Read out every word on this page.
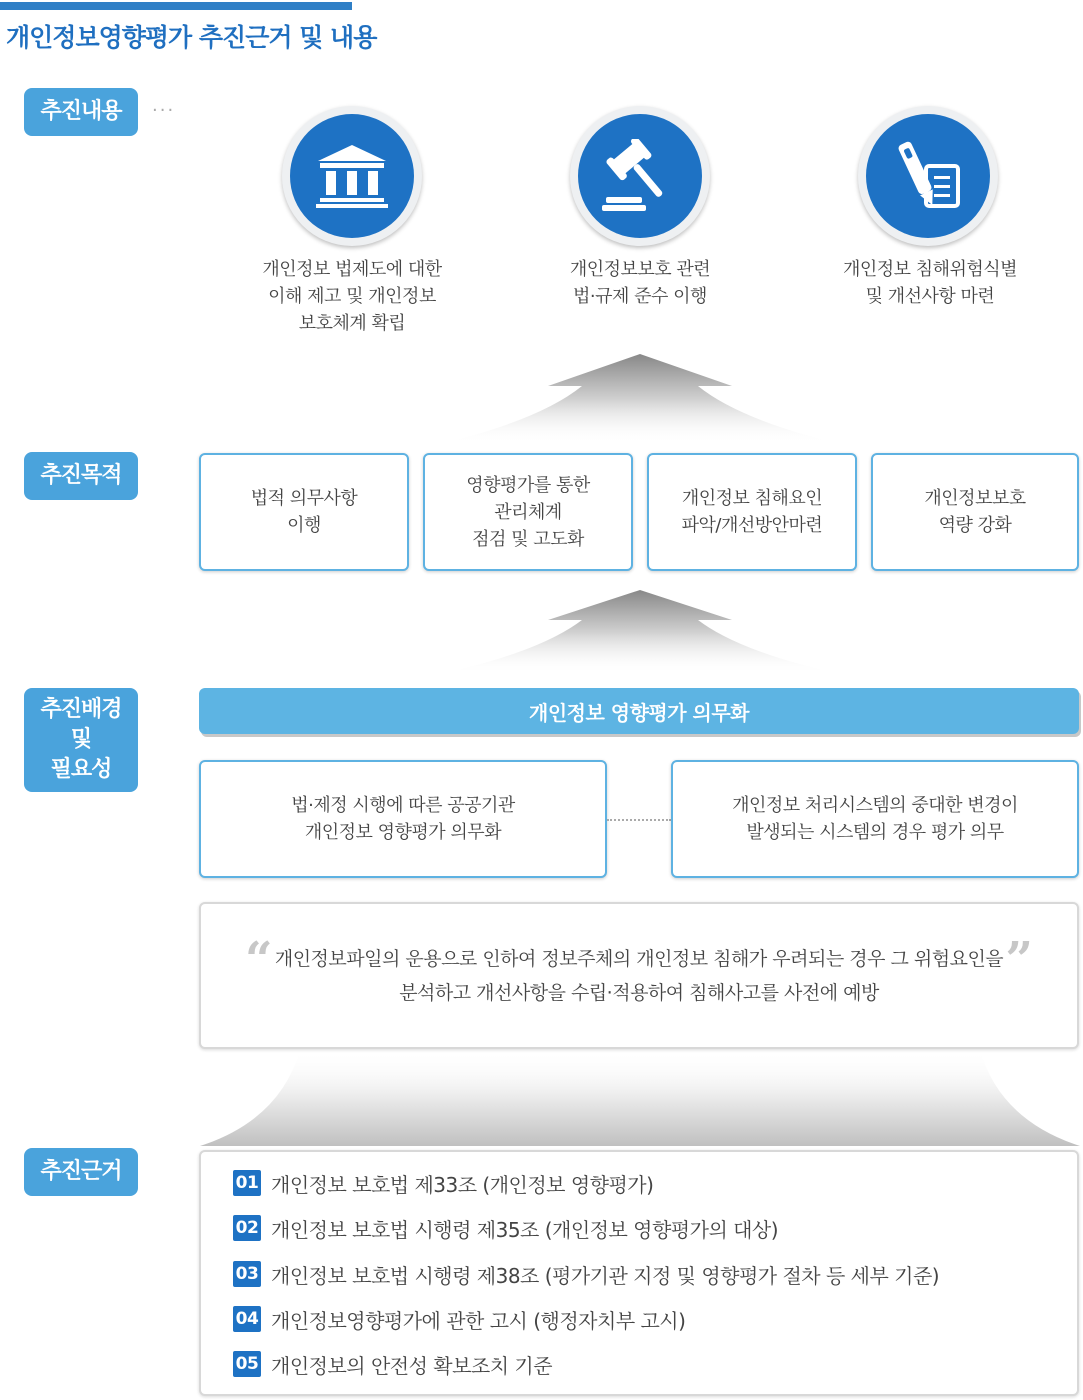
개인정보영향평가 추진근거 및 내용
추진내용	···
개인정보 법제도에 대한
이해 제고 및 개인정보
보호체계 확립
개인정보보호 관련
법·규제 준수 이행
개인정보 침해위험식별
및 개선사항 마련
추진목적
법적 의무사항
이행
영향평가를 통한
관리체계
점검 및 고도화
개인정보 침해요인
파악/개선방안마련
개인정보보호
역량 강화
추진배경
및
필요성
개인정보 영향평가 의무화
법·제정 시행에 따른 공공기관
개인정보 영향평가 의무화
개인정보 처리시스템의 중대한 변경이
발생되는 시스템의 경우 평가 의무
“ 개인정보파일의 운용으로 인하여 정보주체의 개인정보 침해가 우려되는 경우 그 위험요인을
분석하고 개선사항을 수립·적용하여 침해사고를 사전에 예방
”
추진근거	01 개인정보 보호법 제33조 (개인정보 영향평가)
02 개인정보 보호법 시행령 제35조 (개인정보 영향평가의 대상)
03 개인정보 보호법 시행령 제38조 (평가기관 지정 및 영향평가 절차 등 세부 기준)
04 개인정보영향평가에 관한 고시 (행정자치부 고시)
05 개인정보의 안전성 확보조치 기준
